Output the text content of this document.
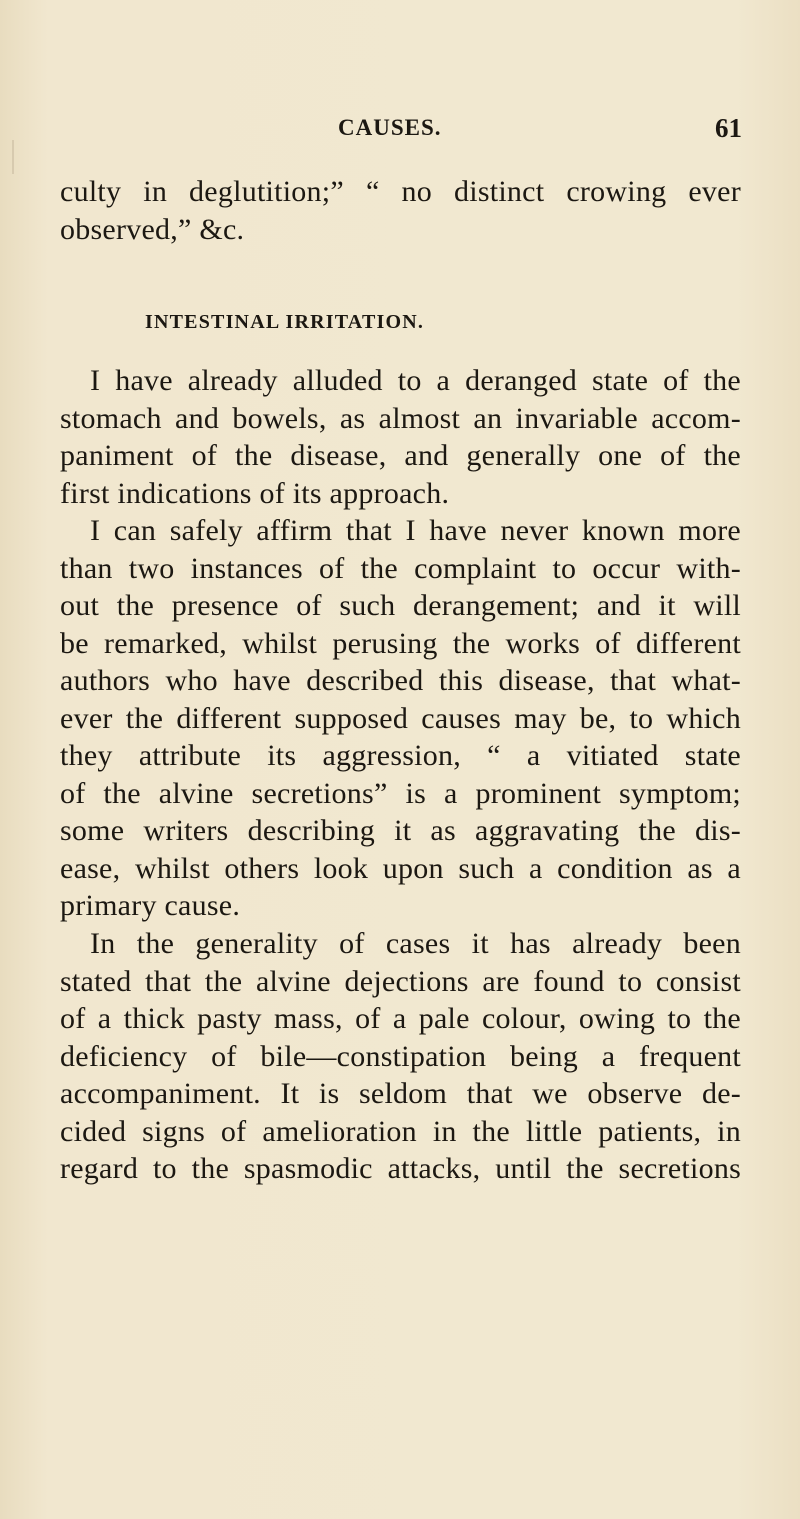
CAUSES.	61
culty in deglutition;” “ no distinct crowing ever
observed,” &c.
INTESTINAL IRRITATION.
I have already alluded to a deranged state of the
stomach and bowels, as almost an invariable accom-
paniment of the disease, and generally one of the
first indications of its approach.
I can safely affirm that I have never known more
than two instances of the complaint to occur with-
out the presence of such derangement; and it will
be remarked, whilst perusing the works of different
authors who have described this disease, that what-
ever the different supposed causes may be, to which
they attribute its aggression, “ a vitiated state
of the alvine secretions” is a prominent symptom;
some writers describing it as aggravating the dis-
ease, whilst others look upon such a condition as a
primary cause.
In the generality of cases it has already been
stated that the alvine dejections are found to consist
of a thick pasty mass, of a pale colour, owing to the
deficiency of bile—constipation being a frequent
accompaniment. It is seldom that we observe de-
cided signs of amelioration in the little patients, in
regard to the spasmodic attacks, until the secretions
